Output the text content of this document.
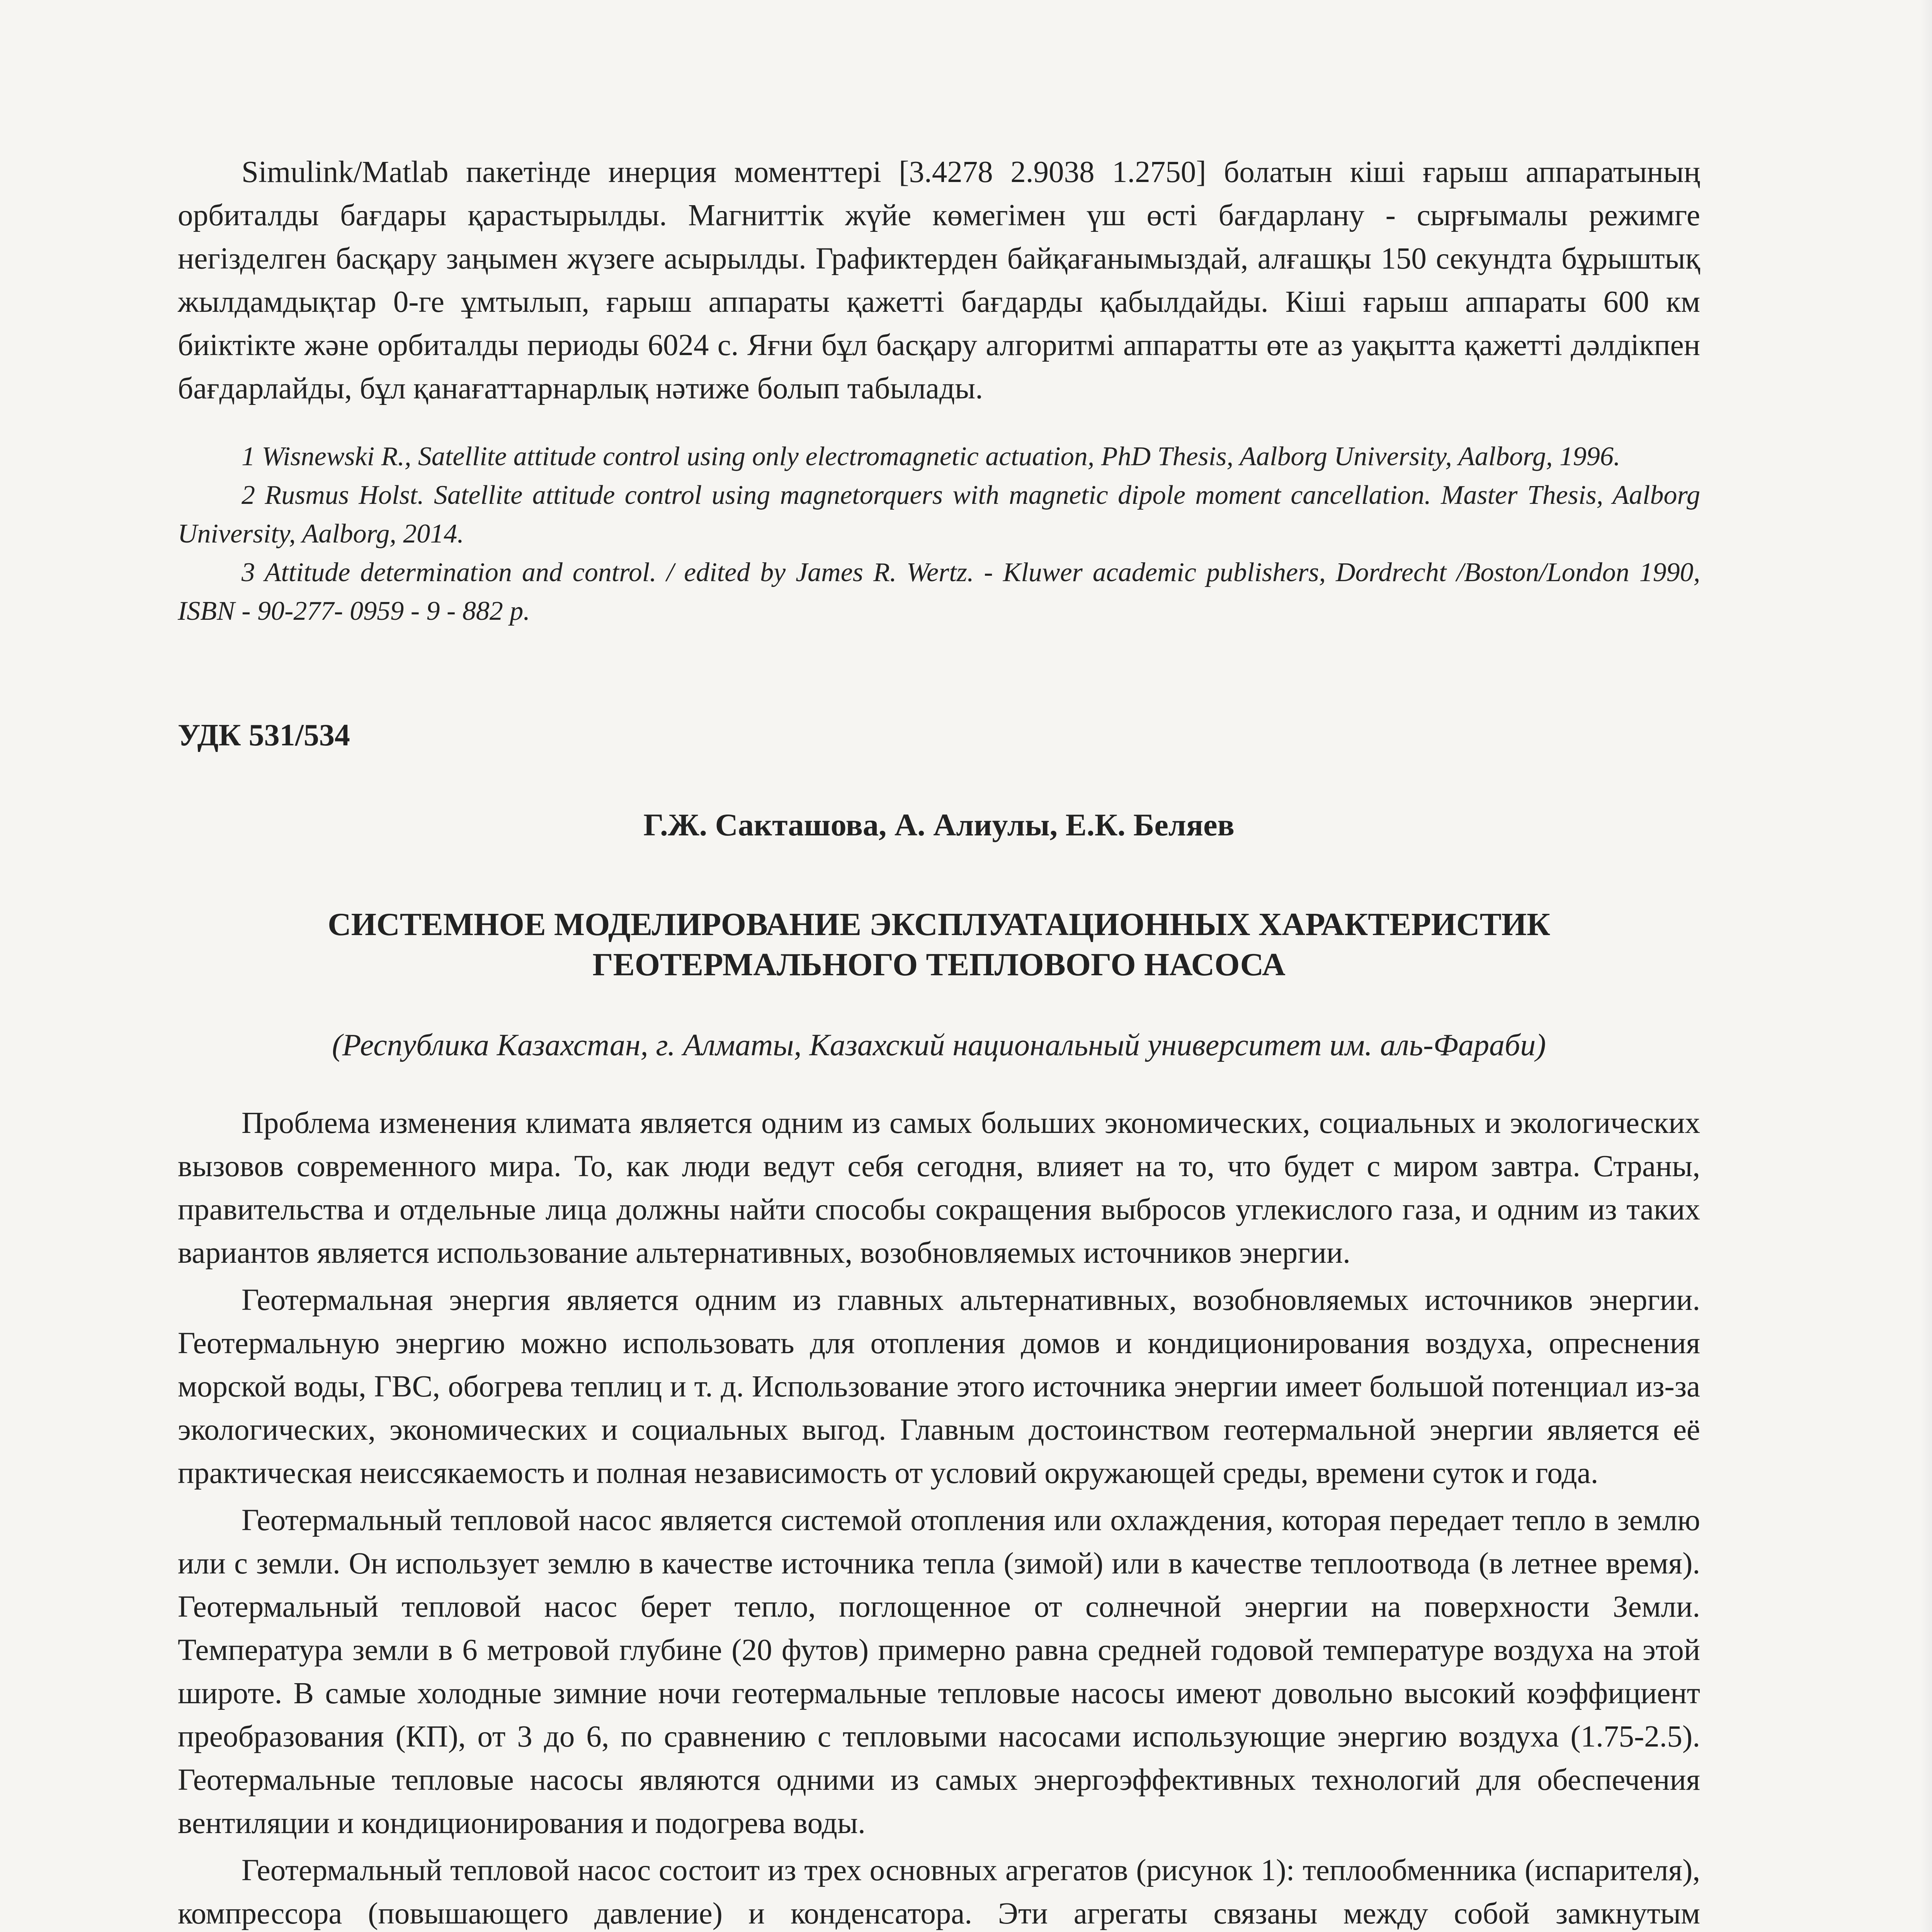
Simulink/Matlab пакетінде инерция моменттері [3.4278 2.9038 1.2750] болатын кіші ғарыш аппаратының орбиталды бағдары қарастырылды. Магниттік жүйе көмегімен үш өсті бағдарлану - сырғымалы режимге негізделген басқару заңымен жүзеге асырылды. Графиктерден байқағанымыздай, алғашқы 150 секундта бұрыштық жылдамдықтар 0-ге ұмтылып, ғарыш аппараты қажетті бағдарды қабылдайды. Кіші ғарыш аппараты 600 км биіктікте және орбиталды периоды 6024 с. Яғни бұл басқару алгоритмі аппаратты өте аз уақытта қажетті дәлдікпен бағдарлайды, бұл қанағаттарнарлық нәтиже болып табылады.

1 Wisnewski R., Satellite attitude control using only electromagnetic actuation, PhD Thesis, Aalborg University, Aalborg, 1996.

2 Rusmus Holst. Satellite attitude control using magnetorquers with magnetic dipole moment cancellation. Master Thesis, Aalborg University, Aalborg, 2014.

3 Attitude determination and control. / edited by James R. Wertz. - Kluwer academic publishers, Dordrecht /Boston/London 1990, ISBN - 90-277- 0959 - 9 - 882 p.

УДК 531/534
Г.Ж. Сакташова, А. Алиулы, Е.К. Беляев
СИСТЕМНОЕ МОДЕЛИРОВАНИЕ ЭКСПЛУАТАЦИОННЫХ ХАРАКТЕРИСТИК
ГЕОТЕРМАЛЬНОГО ТЕПЛОВОГО НАСОСА
(Республика Казахстан, г. Алматы, Казахский национальный университет им. аль-Фараби)

Проблема изменения климата является одним из самых больших экономических, социальных и экологических вызовов современного мира. То, как люди ведут себя сегодня, влияет на то, что будет с миром завтра. Страны, правительства и отдельные лица должны найти способы сокращения выбросов углекислого газа, и одним из таких вариантов является использование альтернативных, возобновляемых источников энергии.

Геотермальная энергия является одним из главных альтернативных, возобновляемых источников энергии. Геотермальную энергию можно использовать для отопления домов и кондиционирования воздуха, опреснения морской воды, ГВС, обогрева теплиц и т. д. Использование этого источника энергии имеет большой потенциал из-за экологических, экономических и социальных выгод. Главным достоинством геотермальной энергии является её практическая неиссякаемость и полная независимость от условий окружающей среды, времени суток и года.

Геотермальный тепловой насос является системой отопления или охлаждения, которая передает тепло в землю или с земли. Он использует землю в качестве источника тепла (зимой) или в качестве теплоотвода (в летнее время). Геотермальный тепловой насос берет тепло, поглощенное от солнечной энергии на поверхности Земли. Температура земли в 6 метровой глубине (20 футов) примерно равна средней годовой температуре воздуха на этой широте. В самые холодные зимние ночи геотермальные тепловые насосы имеют довольно высокий коэффициент преобразования (КП), от 3 до 6, по сравнению с тепловыми насосами использующие энергию воздуха (1.75-2.5). Геотермальные тепловые насосы являются одними из самых энергоэффективных технологий для обеспечения вентиляции и кондиционирования и подогрева воды.

Геотермальный тепловой насос состоит из трех основных агрегатов (рисунок 1): теплообменника (испарителя), компрессора (повышающего давление) и конденсатора. Эти агрегаты связаны между собой замкнутым
